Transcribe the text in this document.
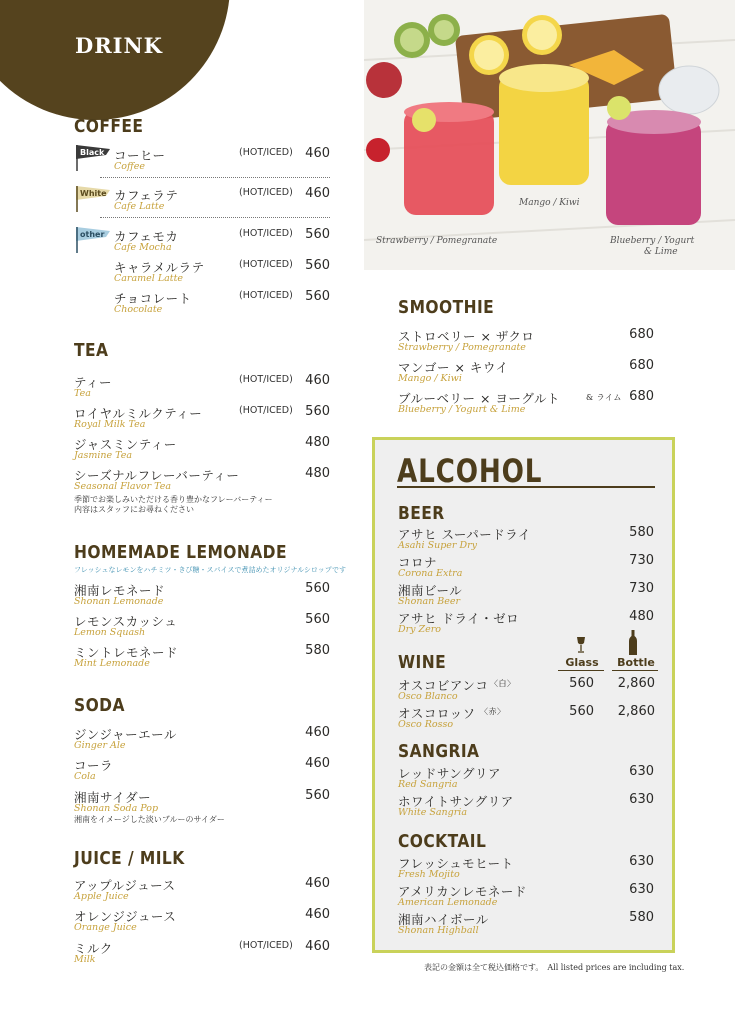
DRINK
COFFEE
Black コーヒー
Coffee
(HOT/ICED) 460
White カフェラテ
Cafe Latte
(HOT/ICED) 460
other カフェモカ
Cafe Mocha
(HOT/ICED) 560
キャラメルラテ
Caramel Latte
(HOT/ICED) 560
チョコレート
Chocolate
(HOT/ICED) 560
TEA
ティー
Tea
(HOT/ICED) 460
ロイヤルミルクティー
Royal Milk Tea
(HOT/ICED) 560
ジャスミンティー
Jasmine Tea
480
シーズナルフレーバーティー
Seasonal Flavor Tea
480
季節でお楽しみいただける香り豊かなフレーバーティー
内容はスタッフにお尋ねください
HOMEMADE LEMONADE
フレッシュなレモンをハチミツ・きび糖・スパイスで煮詰めたオリジナルシロップです
湘南レモネード
Shonan Lemonade
560
レモンスカッシュ
Lemon Squash
560
ミントレモネード
Mint Lemonade
580
SODA
ジンジャーエール
Ginger Ale
460
コーラ
Cola
460
湘南サイダー
Shonan Soda Pop
560
湘南をイメージした淡いブルーのサイダー
JUICE / MILK
アップルジュース
Apple Juice
460
オレンジジュース
Orange Juice
460
ミルク
Milk
(HOT/ICED) 460
Strawberry / Pomegranate
Mango / Kiwi
Blueberry / Yogurt
& Lime
SMOOTHIE
ストロベリー × ザクロ
Strawberry / Pomegranate
680
マンゴー × キウイ
Mango / Kiwi
680
ブルーベリー × ヨーグルト	& ライム
Blueberry / Yogurt & Lime
680
ALCOHOL
BEER
アサヒ スーパードライ
Asahi Super Dry
580
コロナ
Corona Extra
730
湘南ビール
Shonan Beer
730
アサヒ ドライ・ゼロ
Dry Zero
480
WINE	Glass	Bottle
オスコビアンコ 〈白〉
Osco Blanco
560	2,860
オスコロッソ 〈赤〉
Osco Rosso
560	2,860
SANGRIA
レッドサングリア
Red Sangria
630
ホワイトサングリア
White Sangria
630
COCKTAIL
フレッシュモヒート
Fresh Mojito
630
アメリカンレモネード
American Lemonade
630
湘南ハイボール
Shonan Highball
580
表記の金額は全て税込価格です。　All listed prices are including tax.
